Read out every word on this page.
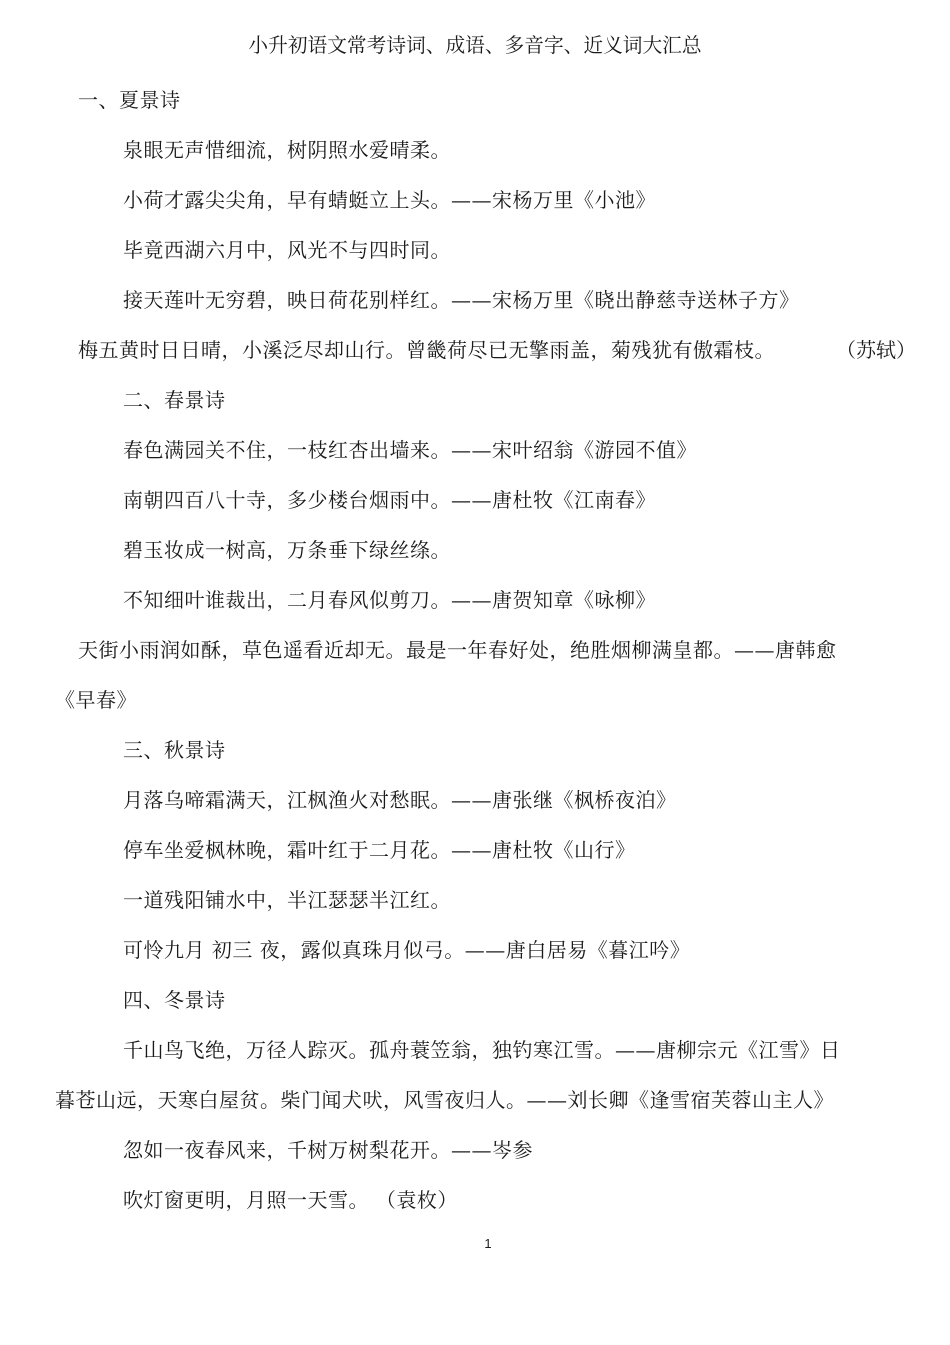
小升初语文常考诗词、成语、多音字、近义词大汇总
一、夏景诗
泉眼无声惜细流，树阴照水爱晴柔。
小荷才露尖尖角，早有蜻蜓立上头。——宋杨万里《小池》
毕竟西湖六月中，风光不与四时同。
接天莲叶无穷碧，映日荷花别样红。——宋杨万里《晓出静慈寺送林子方》
梅五黄时日日晴，小溪泛尽却山行。曾畿荷尽已无擎雨盖，菊残犹有傲霜枝。	（苏轼）
二、春景诗
春色满园关不住，一枝红杏出墙来。——宋叶绍翁《游园不值》
南朝四百八十寺，多少楼台烟雨中。——唐杜牧《江南春》
碧玉妆成一树高，万条垂下绿丝绦。
不知细叶谁裁出，二月春风似剪刀。——唐贺知章《咏柳》
天街小雨润如酥，草色遥看近却无。最是一年春好处，绝胜烟柳满皇都。——唐韩愈
《早春》
三、秋景诗
月落乌啼霜满天，江枫渔火对愁眠。——唐张继《枫桥夜泊》
停车坐爱枫林晚，霜叶红于二月花。——唐杜牧《山行》
一道残阳铺水中，半江瑟瑟半江红。
可怜九月 初三 夜，露似真珠月似弓。——唐白居易《暮江吟》
四、冬景诗
千山鸟飞绝，万径人踪灭。孤舟蓑笠翁，独钓寒江雪。——唐柳宗元《江雪》日
暮苍山远，天寒白屋贫。柴门闻犬吠，风雪夜归人。——刘长卿《逢雪宿芙蓉山主人》
忽如一夜春风来，千树万树梨花开。——岑参
吹灯窗更明，月照一天雪。 （袁枚）
1
